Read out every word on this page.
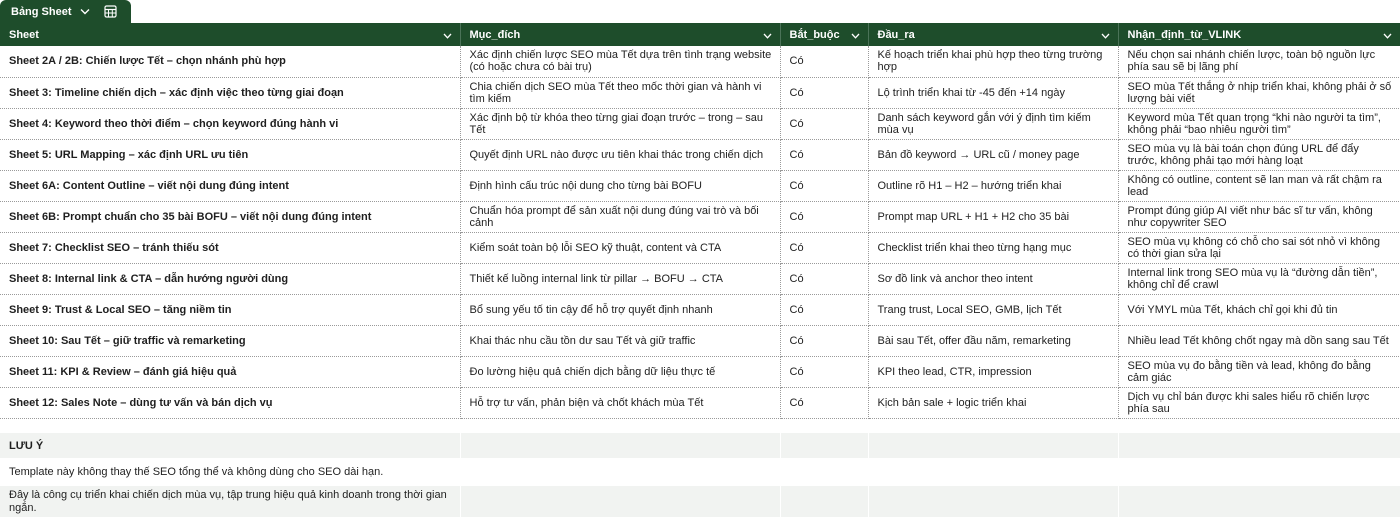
Bảng Sheet
Sheet	Mục_đích	Bắt_buộc	Đầu_ra	Nhận_định_từ_VLINK

Sheet 2A / 2B: Chiến lược Tết – chọn nhánh phù hợp	Xác định chiến lược SEO mùa Tết dựa trên tình trạng website (có hoặc chưa có bài trụ)	Có	Kế hoạch triển khai phù hợp theo từng trường hợp	Nếu chọn sai nhánh chiến lược, toàn bộ nguồn lực phía sau sẽ bị lãng phí
Sheet 3: Timeline chiến dịch – xác định việc theo từng giai đoạn	Chia chiến dịch SEO mùa Tết theo mốc thời gian và hành vi tìm kiếm	Có	Lộ trình triển khai từ -45 đến +14 ngày	SEO mùa Tết thắng ở nhịp triển khai, không phải ở số lượng bài viết
Sheet 4: Keyword theo thời điểm – chọn keyword đúng hành vi	Xác định bộ từ khóa theo từng giai đoạn trước – trong – sau Tết	Có	Danh sách keyword gắn với ý định tìm kiếm mùa vụ	Keyword mùa Tết quan trọng “khi nào người ta tìm”, không phải “bao nhiêu người tìm”
Sheet 5: URL Mapping – xác định URL ưu tiên	Quyết định URL nào được ưu tiên khai thác trong chiến dịch	Có	Bản đồ keyword → URL cũ / money page	SEO mùa vụ là bài toán chọn đúng URL để đẩy trước, không phải tạo mới hàng loạt
Sheet 6A: Content Outline – viết nội dung đúng intent	Định hình cấu trúc nội dung cho từng bài BOFU	Có	Outline rõ H1 – H2 – hướng triển khai	Không có outline, content sẽ lan man và rất chậm ra lead
Sheet 6B: Prompt chuẩn cho 35 bài BOFU – viết nội dung đúng intent	Chuẩn hóa prompt để sản xuất nội dung đúng vai trò và bối cảnh	Có	Prompt map URL + H1 + H2 cho 35 bài	Prompt đúng giúp AI viết như bác sĩ tư vấn, không như copywriter SEO
Sheet 7: Checklist SEO – tránh thiếu sót	Kiểm soát toàn bộ lỗi SEO kỹ thuật, content và CTA	Có	Checklist triển khai theo từng hạng mục	SEO mùa vụ không có chỗ cho sai sót nhỏ vì không có thời gian sửa lại
Sheet 8: Internal link & CTA – dẫn hướng người dùng	Thiết kế luồng internal link từ pillar → BOFU → CTA	Có	Sơ đồ link và anchor theo intent	Internal link trong SEO mùa vụ là “đường dẫn tiền”, không chỉ để crawl
Sheet 9: Trust & Local SEO – tăng niềm tin	Bổ sung yếu tố tin cậy để hỗ trợ quyết định nhanh	Có	Trang trust, Local SEO, GMB, lịch Tết	Với YMYL mùa Tết, khách chỉ gọi khi đủ tin
Sheet 10: Sau Tết – giữ traffic và remarketing	Khai thác nhu cầu tồn dư sau Tết và giữ traffic	Có	Bài sau Tết, offer đầu năm, remarketing	Nhiều lead Tết không chốt ngay mà dồn sang sau Tết
Sheet 11: KPI & Review – đánh giá hiệu quả	Đo lường hiệu quả chiến dịch bằng dữ liệu thực tế	Có	KPI theo lead, CTR, impression	SEO mùa vụ đo bằng tiền và lead, không đo bằng cảm giác
Sheet 12: Sales Note – dùng tư vấn và bán dịch vụ	Hỗ trợ tư vấn, phản biện và chốt khách mùa Tết	Có	Kịch bản sale + logic triển khai	Dịch vụ chỉ bán được khi sales hiểu rõ chiến lược phía sau
LƯU Ý
Template này không thay thế SEO tổng thể và không dùng cho SEO dài hạn.
Đây là công cụ triển khai chiến dịch mùa vụ, tập trung hiệu quả kinh doanh trong thời gian ngắn.
